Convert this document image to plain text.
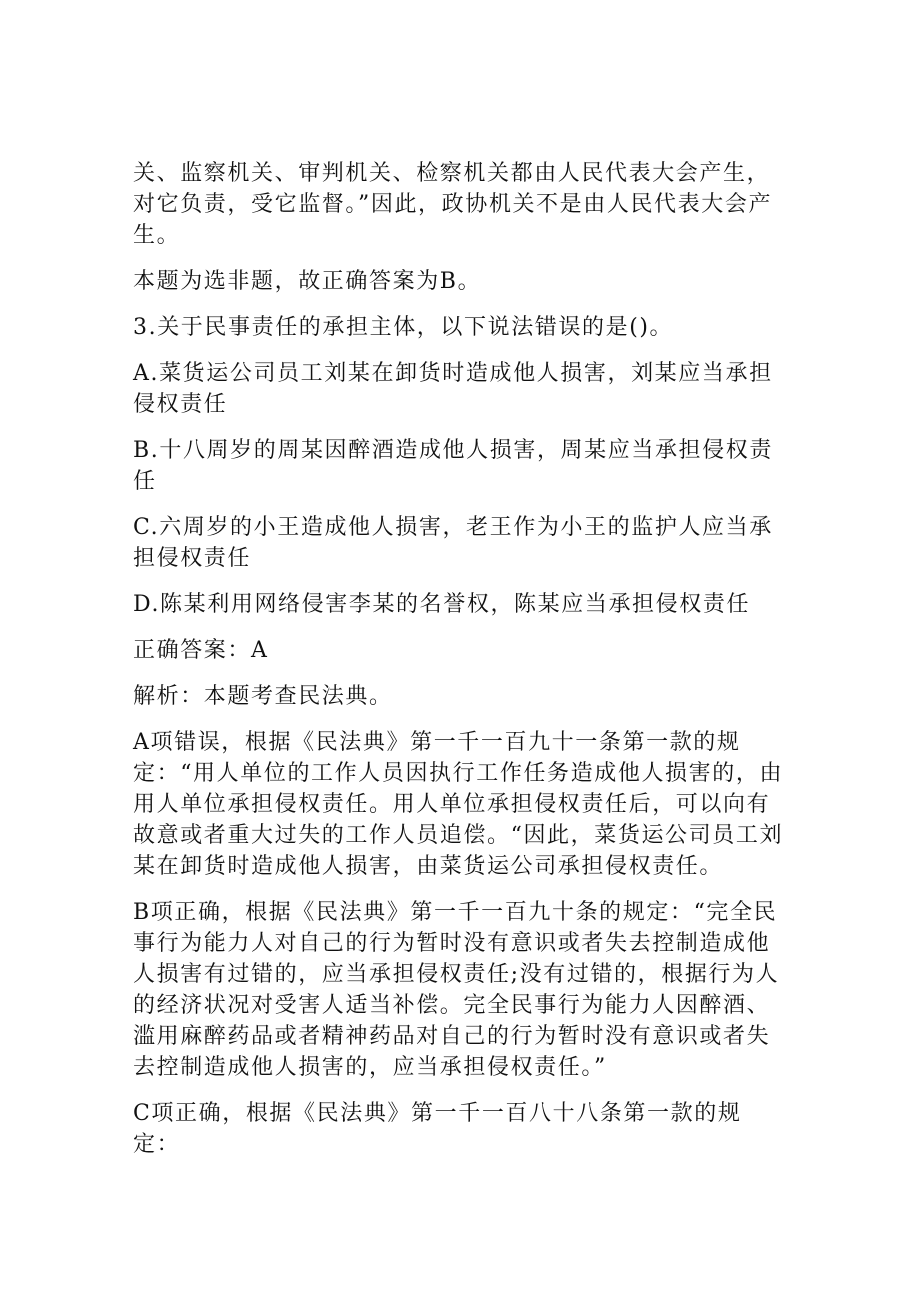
关、监察机关、审判机关、检察机关都由人民代表大会产生，对它负责，受它监督。”因此，政协机关不是由人民代表大会产生。

本题为选非题，故正确答案为B。

3.关于民事责任的承担主体，以下说法错误的是()。

A.菜货运公司员工刘某在卸货时造成他人损害，刘某应当承担侵权责任

B.十八周岁的周某因醉酒造成他人损害，周某应当承担侵权责任

C.六周岁的小王造成他人损害，老王作为小王的监护人应当承担侵权责任

D.陈某利用网络侵害李某的名誉权，陈某应当承担侵权责任

正确答案：A

解析：本题考查民法典。

A项错误，根据《民法典》第一千一百九十一条第一款的规定：“用人单位的工作人员因执行工作任务造成他人损害的，由用人单位承担侵权责任。用人单位承担侵权责任后，可以向有故意或者重大过失的工作人员追偿。“因此，菜货运公司员工刘某在卸货时造成他人损害，由菜货运公司承担侵权责任。

B项正确，根据《民法典》第一千一百九十条的规定：“完全民事行为能力人对自己的行为暂时没有意识或者失去控制造成他人损害有过错的，应当承担侵权责任;没有过错的，根据行为人的经济状况对受害人适当补偿。完全民事行为能力人因醉酒、滥用麻醉药品或者精神药品对自己的行为暂时没有意识或者失去控制造成他人损害的，应当承担侵权责任。”

C项正确，根据《民法典》第一千一百八十八条第一款的规定：
